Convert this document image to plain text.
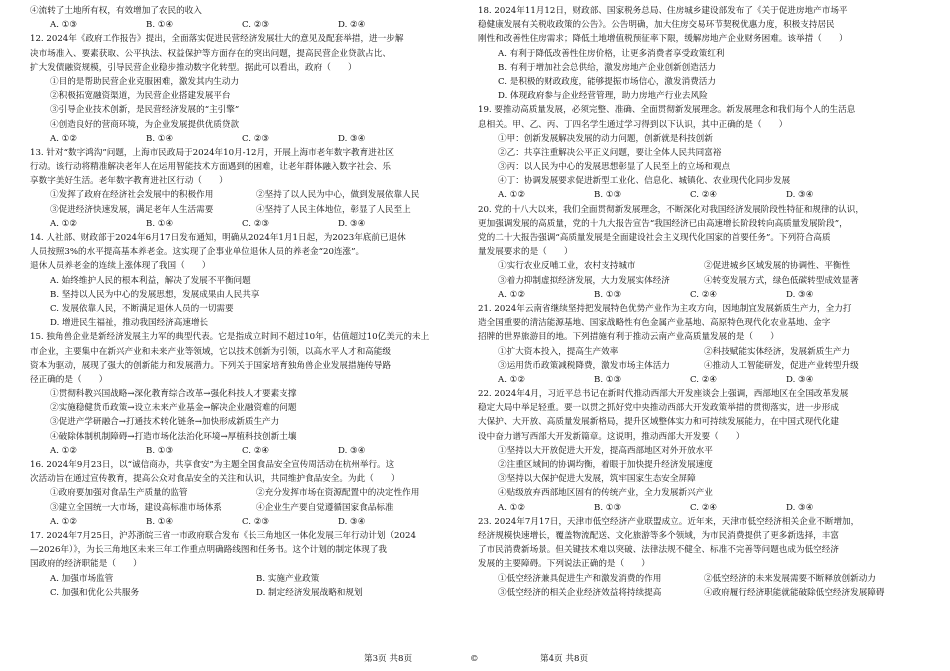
④流转了土地所有权，有效增加了农民的收入
A. ①③	B. ①④	C. ②③	D. ②④
12. 2024年《政府工作报告》提出，全面落实促进民营经济发展壮大的意见及配套举措，进一步解
决市场准入、要素获取、公平执法、权益保护等方面存在的突出问题，提高民营企业贷款占比、
扩大发债融资规模，引导民营企业稳步推动数字化转型。据此可以看出，政府（　　）
①目的是帮助民营企业克服困难，激发其内生动力
②积极拓宽融资渠道，为民营企业搭建发展平台
③引导企业技术创新，是民营经济发展的“主引擎”
④创造良好的营商环境，为企业发展提供优质贷款
A. ①②	B. ①④	C. ②③	D. ③④
13. 针对“数字鸿沟”问题，上海市民政局于2024年10月-12月，开展上海市老年数字教育进社区
行动。该行动将精准解决老年人在运用智能技术方面遇到的困难，让老年群体融入数字社会、乐
享数字美好生活。老年数字教育进社区行动（　　）
①发挥了政府在经济社会发展中的积极作用	②坚持了以人民为中心，做到发展依靠人民
③促进经济快速发展，满足老年人生活需要	④坚持了人民主体地位，彰显了人民至上
A. ①②	B. ①④	C. ②③	D. ③④
14. 人社部、财政部于2024年6月17日发布通知，明确从2024年1月1日起，为2023年底前已退休
人员按照3%的水平提高基本养老金。这实现了企事业单位退休人员的养老金“20连涨”。
退休人员养老金的连续上涨体现了我国（　　）
A. 始终维护人民的根本利益，解决了发展不平衡问题
B. 坚持以人民为中心的发展思想，发展成果由人民共享
C. 发展依靠人民，不断满足退休人员的一切需要
D. 增进民生福祉，推动我国经济高速增长
15. 独角兽企业是新经济发展主力军的典型代表。它是指成立时间不超过10年，估值超过10亿美元的未上
市企业，主要集中在新兴产业和未来产业等领域，它以技术创新为引领，以高水平人才和高能级
资本为驱动，展现了强大的创新能力和发展潜力。下列关于国家培育独角兽企业发展措施传导路
径正确的是（　　）
①贯彻科教兴国战略→深化教育综合改革→强化科技人才要素支撑
②实施稳健货币政策→设立未来产业基金→解决企业融资难的问题
③促进产学研融合→打通技术转化链条→加快形成新质生产力
④破除体制机制障碍→打造市场化法治化环境→厚植科技创新土壤
A. ①②	B. ①③	C. ②④	D. ③④
16. 2024年9月23日，以“诚信商办，共享食安”为主题全国食品安全宣传周活动在杭州举行。这
次活动旨在通过宣传教育，提高公众对食品安全的关注和认识，共同维护食品安全。为此（　　）
①政府要加强对食品生产质量的监管	②充分发挥市场在资源配置中的决定性作用
③建立全国统一大市场，建设高标准市场体系	④企业生产要自觉遵循国家食品标准
A. ①②	B. ①④	C. ②③	D. ③④
17. 2024年7月25日，沪苏浙皖三省一市政府联合发布《长三角地区一体化发展三年行动计划（2024
—2026年）》，为长三角地区未来三年工作重点明确路线图和任务书。这个计划的制定体现了我
国政府的经济职能是（　　）
A. 加强市场监管	B. 实施产业政策
C. 加强和优化公共服务	D. 制定经济发展战略和规划
18. 2024年11月12日，财政部、国家税务总局、住房城乡建设部发布了《关于促进房地产市场平
稳健康发展有关税收政策的公告》。公告明确，加大住房交易环节契税优惠力度，积极支持居民
刚性和改善性住房需求；降低土地增值税预征率下限，缓解房地产企业财务困难。该举措（　　）
A. 有利于降低改善性住房价格，让更多消费者享受政策红利
B. 有利于增加社会总供给，激发房地产企业创新创造活力
C. 是积极的财政政度，能够提振市场信心，激发消费活力
D. 体现政府参与企业经营管理，助力房地产行业去风险
19. 要推动高质量发展，必须完整、准确、全面贯彻新发展理念。新发展理念和我们每个人的生活息
息相关。甲、乙、丙、丁四名学生通过学习得到以下认识，其中正确的是（　　）
①甲：创新发展解决发展的动力问题，创新就是科技创新
②乙：共享注重解决公平正义问题，要让全体人民共同富裕
③丙：以人民为中心的发展思想彰显了人民至上的立场和观点
④丁：协调发展要求促进新型工业化、信息化、城镇化、农业现代化同步发展
A. ①②	B. ①③	C. ②④	D. ③④
20. 党的十八大以来，我们全面贯彻新发展理念，不断深化对我国经济发展阶段性特征和规律的认识，
更加强调发展的高质量，党的十九大报告宣告“我国经济已由高速增长阶段转向高质量发展阶段”，
党的二十大报告强调“高质量发展是全面建设社会主义现代化国家的首要任务”。下列符合高质
量发展要求的是（　　）
①实行农业反哺工业，农村支持城市	②促进城乡区域发展的协调性、平衡性
③着力抑制虚拟经济发展，大力发展实体经济	④转变发展方式，绿色低碳转型成效显著
A. ①②	B. ①③	C. ②④	D. ③④
21. 2024年云南省继续坚持把发展特色优势产业作为主攻方向，因地制宜发展新质生产力，全力打
造全国重要的清洁能源基地、国家战略性有色金属产业基地、高原特色现代化农业基地、金字
招牌的世界旅游目的地。下列措施有利于推动云南产业高质量发展的是（　　）
①扩大资本投入，提高生产效率	②科技赋能实体经济，发展新质生产力
③运用货币政策减税降费，激发市场主体活力	④推动人工智能研发，促进产业转型升级
A. ①②	B. ①③	C. ②④	D. ③④
22. 2024年4月，习近平总书记在新时代推动西部大开发座谈会上强调，西部地区在全国改革发展
稳定大局中举足轻重。要一以贯之抓好党中央推动西部大开发政策举措的贯彻落实，进一步形成
大保护、大开放、高质量发展新格局，提升区域整体实力和可持续发展能力，在中国式现代化建
设中奋力谱写西部大开发新篇章。这说明，推动西部大开发要（　　）
①坚持以大开放促进大开发，提高西部地区对外开放水平
②注重区域间的协调均衡，着眼于加快提升经济发展速度
③坚持以大保护促进大发展，筑牢国家生态安全屏障
④贴级放弃西部地区固有的传统产业，全力发展新兴产业
A. ①②	B. ①③	C. ②④	D. ③④
23. 2024年7月17日，天津市低空经济产业联盟成立。近年来，天津市低空经济相关企业不断增加，
经济规模快速增长，覆盖物流配送、文化旅游等多个领域，为市民消费提供了更多新选择，丰富
了市民消费新场景。但关键技术难以突破、法律法规不健全、标准不完善等问题也成为低空经济
发展的主要障碍。下列说法正确的是（　　）
①低空经济兼具促进生产和激发消费的作用	②低空经济的未来发展需要不断释放创新动力
③低空经济的相关企业经济效益将持续提高	④政府履行经济职能就能破除低空经济发展障碍
第3页 共8页	©	第4页 共8页
